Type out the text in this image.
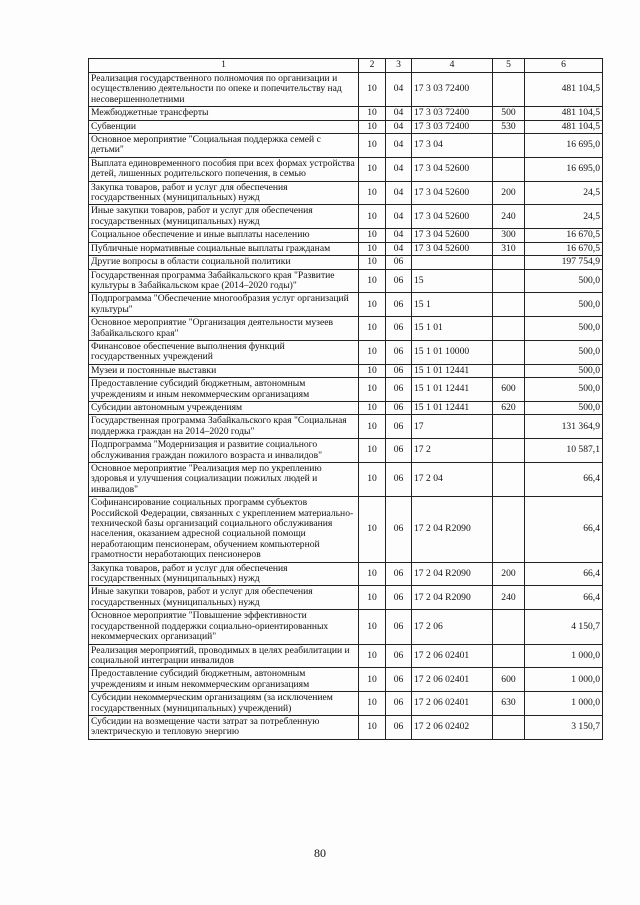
1	2	3	4	5	6
Реализация государственного полномочия по организации и осуществлению деятельности по опеке и попечительству над несовершеннолетними	10	04	17 3 03 72400		481 104,5
Межбюджетные трансферты	10	04	17 3 03 72400	500	481 104,5
Субвенции	10	04	17 3 03 72400	530	481 104,5
Основное мероприятие "Социальная поддержка семей с детьми"	10	04	17 3 04		16 695,0
Выплата единовременного пособия при всех формах устройства детей, лишенных родительского попечения, в семью	10	04	17 3 04 52600		16 695,0
Закупка товаров, работ и услуг для обеспечения государственных (муниципальных) нужд	10	04	17 3 04 52600	200	24,5
Иные закупки товаров, работ и услуг для обеспечения государственных (муниципальных) нужд	10	04	17 3 04 52600	240	24,5
Социальное обеспечение и иные выплаты населению	10	04	17 3 04 52600	300	16 670,5
Публичные нормативные социальные выплаты гражданам	10	04	17 3 04 52600	310	16 670,5
Другие вопросы в области социальной политики	10	06			197 754,9
Государственная программа Забайкальского края "Развитие культуры в Забайкальском крае (2014–2020 годы)"	10	06	15		500,0
Подпрограмма "Обеспечение многообразия услуг организаций культуры"	10	06	15 1		500,0
Основное мероприятие "Организация деятельности музеев Забайкальского края"	10	06	15 1 01		500,0
Финансовое обеспечение выполнения функций государственных учреждений	10	06	15 1 01 10000		500,0
Музеи и постоянные выставки	10	06	15 1 01 12441		500,0
Предоставление субсидий бюджетным, автономным учреждениям и иным некоммерческим организациям	10	06	15 1 01 12441	600	500,0
Субсидии автономным учреждениям	10	06	15 1 01 12441	620	500,0
Государственная программа Забайкальского края "Социальная поддержка граждан на 2014–2020 годы"	10	06	17		131 364,9
Подпрограмма "Модернизация и развитие социального обслуживания граждан пожилого возраста и инвалидов"	10	06	17 2		10 587,1
Основное мероприятие "Реализация мер по укреплению здоровья и улучшения социализации пожилых людей и инвалидов"	10	06	17 2 04		66,4
Софинансирование социальных программ субъектов Российской Федерации, связанных с укреплением материально-технической базы организаций социального обслуживания населения, оказанием адресной социальной помощи неработающим пенсионерам, обучением компьютерной грамотности неработающих пенсионеров	10	06	17 2 04 R2090		66,4
Закупка товаров, работ и услуг для обеспечения государственных (муниципальных) нужд	10	06	17 2 04 R2090	200	66,4
Иные закупки товаров, работ и услуг для обеспечения государственных (муниципальных) нужд	10	06	17 2 04 R2090	240	66,4
Основное мероприятие "Повышение эффективности государственной поддержки социально-ориентированных некоммерческих организаций"	10	06	17 2 06		4 150,7
Реализация мероприятий, проводимых в целях реабилитации и социальной интеграции инвалидов	10	06	17 2 06 02401		1 000,0
Предоставление субсидий бюджетным, автономным учреждениям и иным некоммерческим организациям	10	06	17 2 06 02401	600	1 000,0
Субсидии некоммерческим организациям (за исключением государственных (муниципальных) учреждений)	10	06	17 2 06 02401	630	1 000,0
Субсидии на возмещение части затрат за потребленную электрическую и тепловую энергию	10	06	17 2 06 02402		3 150,7
80
